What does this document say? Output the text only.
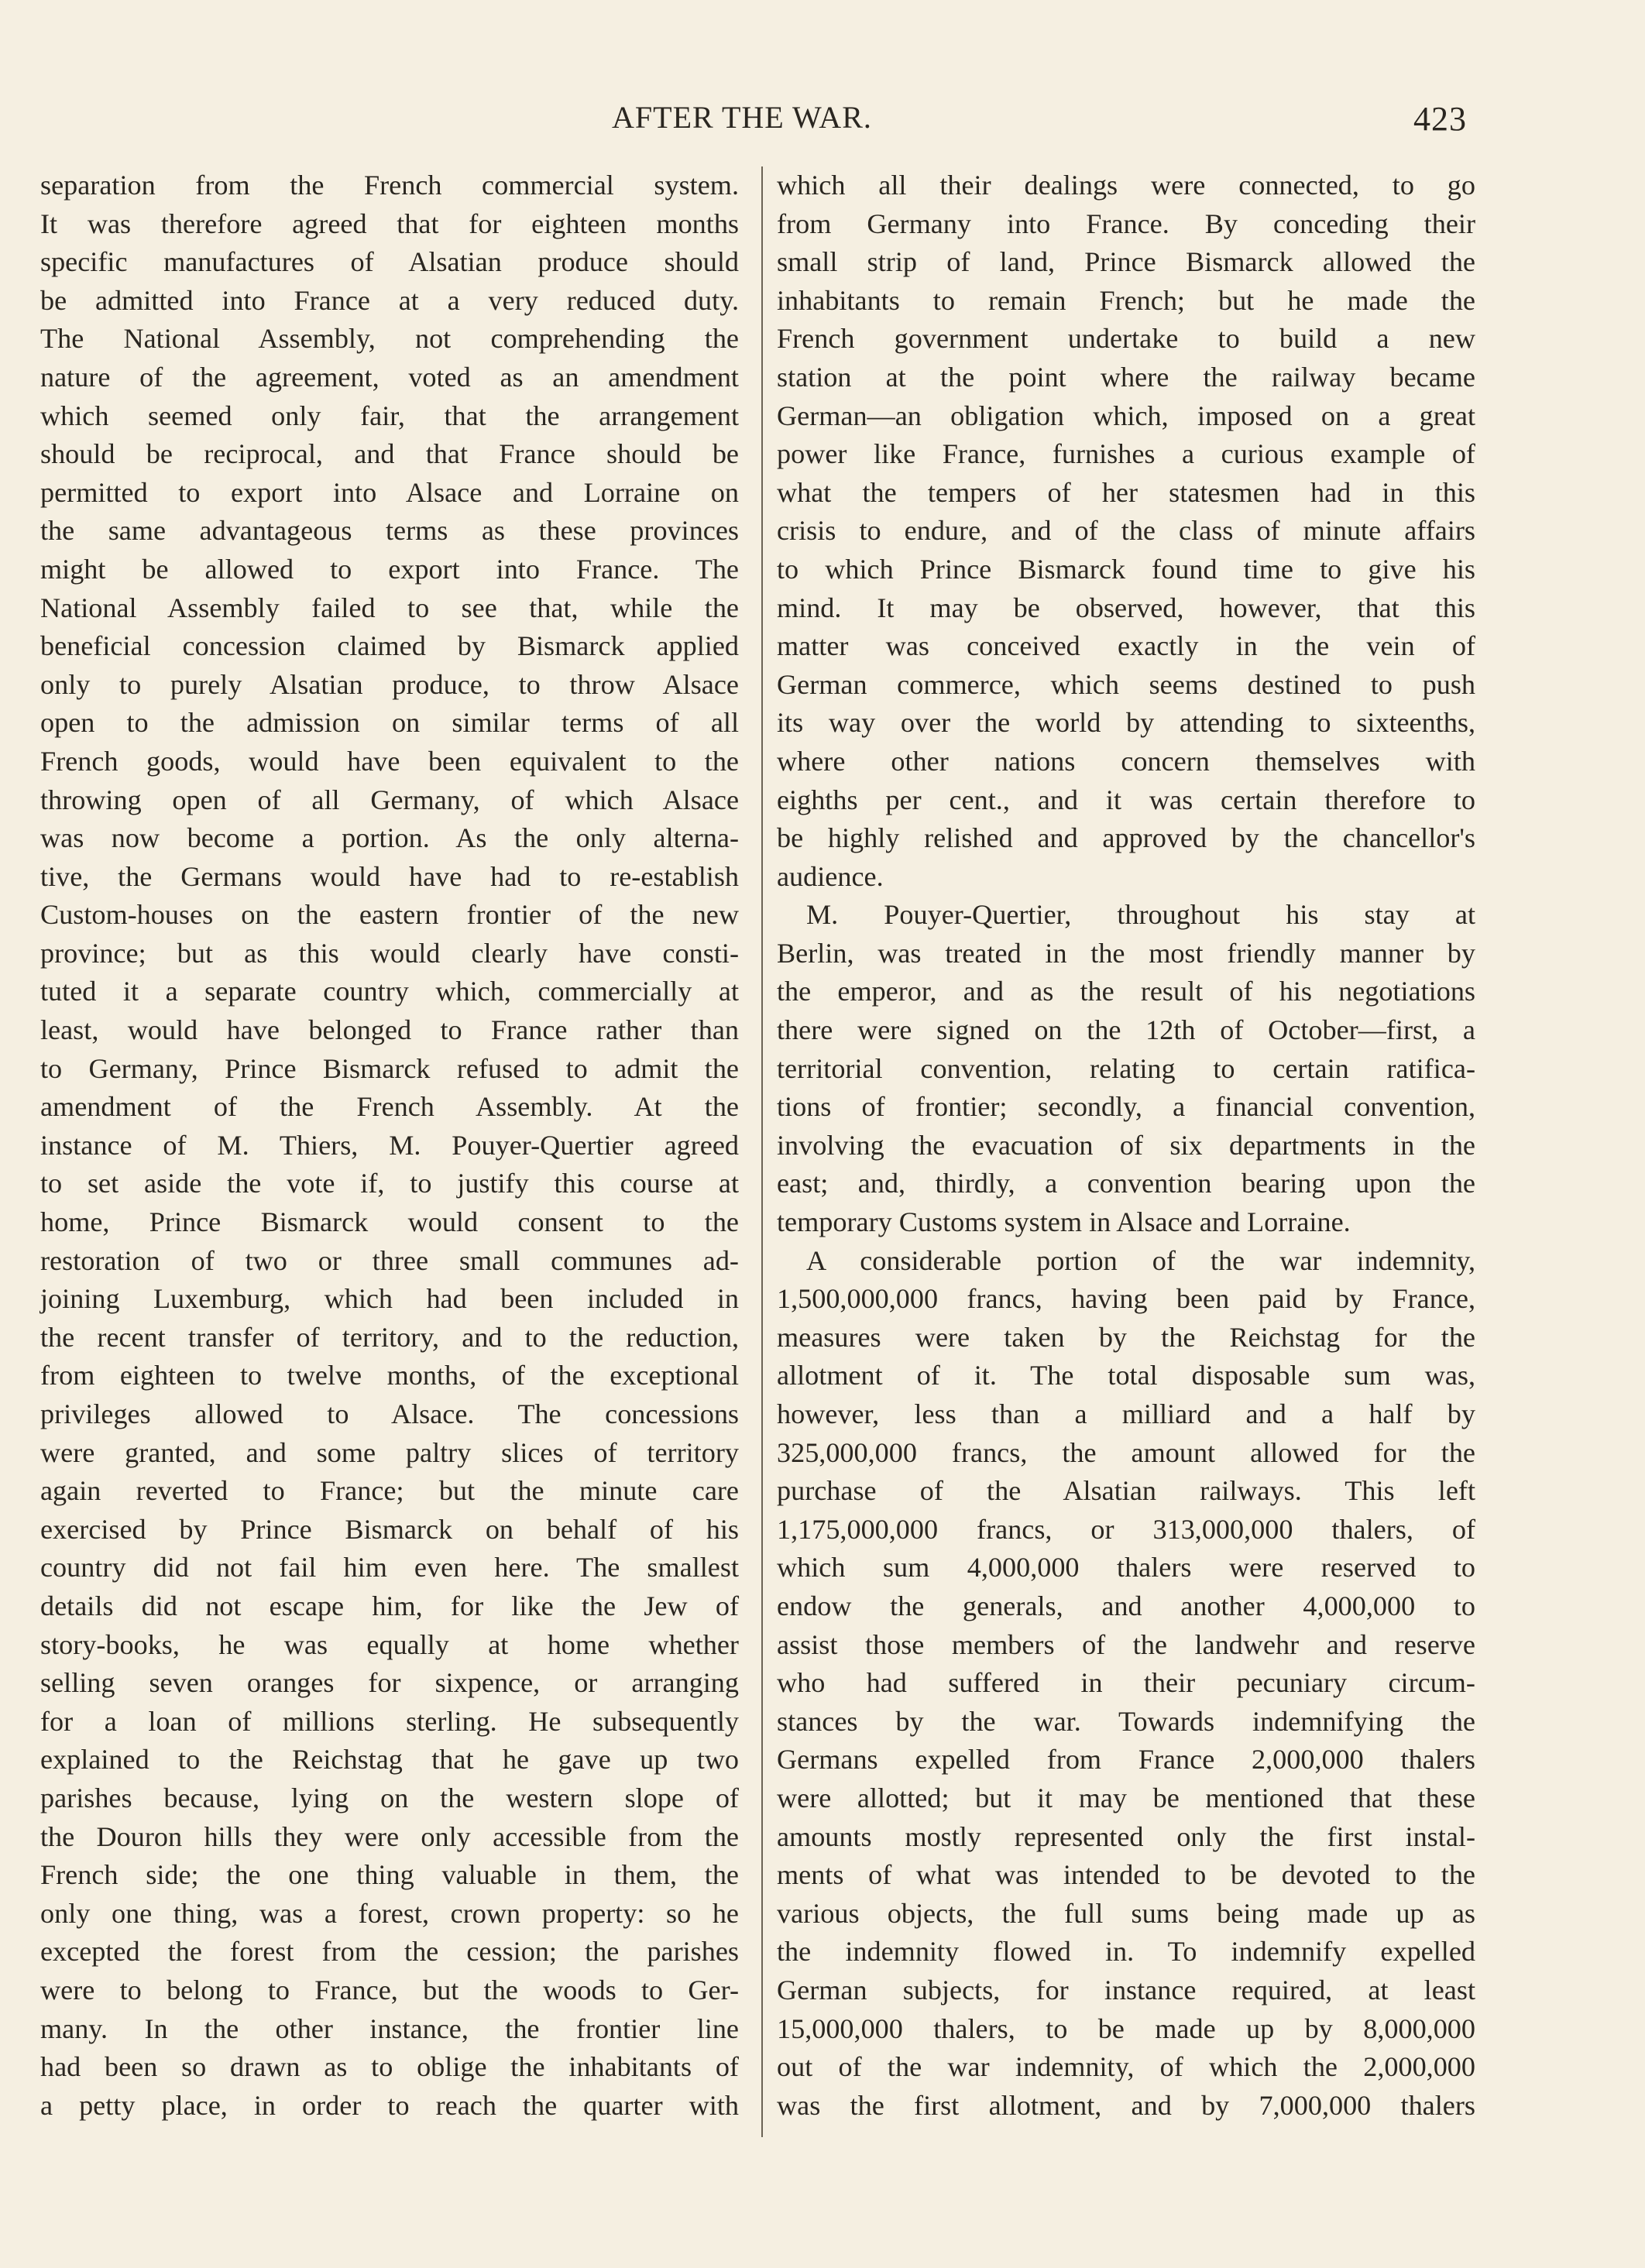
AFTER THE WAR.	423
separation from the French commercial system.
It was therefore agreed that for eighteen months
specific manufactures of Alsatian produce should
be admitted into France at a very reduced duty.
The National Assembly, not comprehending the
nature of the agreement, voted as an amendment
which seemed only fair, that the arrangement
should be reciprocal, and that France should be
permitted to export into Alsace and Lorraine on
the same advantageous terms as these provinces
might be allowed to export into France. The
National Assembly failed to see that, while the
beneficial concession claimed by Bismarck applied
only to purely Alsatian produce, to throw Alsace
open to the admission on similar terms of all
French goods, would have been equivalent to the
throwing open of all Germany, of which Alsace
was now become a portion. As the only alterna-
tive, the Germans would have had to re-establish
Custom-houses on the eastern frontier of the new
province; but as this would clearly have consti-
tuted it a separate country which, commercially at
least, would have belonged to France rather than
to Germany, Prince Bismarck refused to admit the
amendment of the French Assembly. At the
instance of M. Thiers, M. Pouyer-Quertier agreed
to set aside the vote if, to justify this course at
home, Prince Bismarck would consent to the
restoration of two or three small communes ad-
joining Luxemburg, which had been included in
the recent transfer of territory, and to the reduction,
from eighteen to twelve months, of the exceptional
privileges allowed to Alsace. The concessions
were granted, and some paltry slices of territory
again reverted to France; but the minute care
exercised by Prince Bismarck on behalf of his
country did not fail him even here. The smallest
details did not escape him, for like the Jew of
story-books, he was equally at home whether
selling seven oranges for sixpence, or arranging
for a loan of millions sterling. He subsequently
explained to the Reichstag that he gave up two
parishes because, lying on the western slope of
the Douron hills they were only accessible from the
French side; the one thing valuable in them, the
only one thing, was a forest, crown property: so he
excepted the forest from the cession; the parishes
were to belong to France, but the woods to Ger-
many. In the other instance, the frontier line
had been so drawn as to oblige the inhabitants of
a petty place, in order to reach the quarter with
which all their dealings were connected, to go
from Germany into France. By conceding their
small strip of land, Prince Bismarck allowed the
inhabitants to remain French; but he made the
French government undertake to build a new
station at the point where the railway became
German—an obligation which, imposed on a great
power like France, furnishes a curious example of
what the tempers of her statesmen had in this
crisis to endure, and of the class of minute affairs
to which Prince Bismarck found time to give his
mind. It may be observed, however, that this
matter was conceived exactly in the vein of
German commerce, which seems destined to push
its way over the world by attending to sixteenths,
where other nations concern themselves with
eighths per cent., and it was certain therefore to
be highly relished and approved by the chancellor's
audience.
M. Pouyer-Quertier, throughout his stay at
Berlin, was treated in the most friendly manner by
the emperor, and as the result of his negotiations
there were signed on the 12th of October—first, a
territorial convention, relating to certain ratifica-
tions of frontier; secondly, a financial convention,
involving the evacuation of six departments in the
east; and, thirdly, a convention bearing upon the
temporary Customs system in Alsace and Lorraine.
A considerable portion of the war indemnity,
1,500,000,000 francs, having been paid by France,
measures were taken by the Reichstag for the
allotment of it. The total disposable sum was,
however, less than a milliard and a half by
325,000,000 francs, the amount allowed for the
purchase of the Alsatian railways. This left
1,175,000,000 francs, or 313,000,000 thalers, of
which sum 4,000,000 thalers were reserved to
endow the generals, and another 4,000,000 to
assist those members of the landwehr and reserve
who had suffered in their pecuniary circum-
stances by the war. Towards indemnifying the
Germans expelled from France 2,000,000 thalers
were allotted; but it may be mentioned that these
amounts mostly represented only the first instal-
ments of what was intended to be devoted to the
various objects, the full sums being made up as
the indemnity flowed in. To indemnify expelled
German subjects, for instance required, at least
15,000,000 thalers, to be made up by 8,000,000
out of the war indemnity, of which the 2,000,000
was the first allotment, and by 7,000,000 thalers
